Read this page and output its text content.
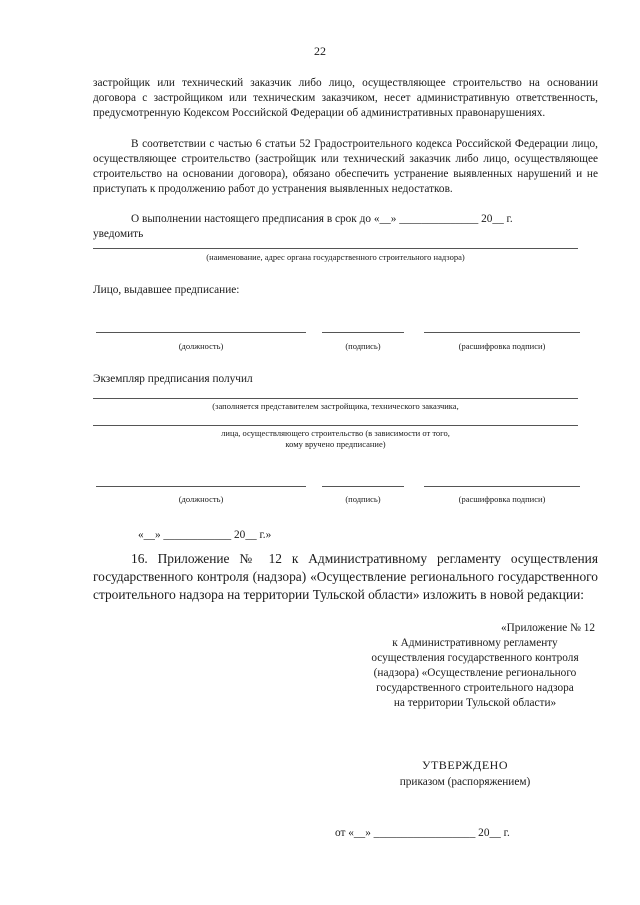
22
застройщик или технический заказчик либо лицо, осуществляющее строительство на основании договора с застройщиком или техническим заказчиком, несет административную ответственность, предусмотренную Кодексом Российской Федерации об административных правонарушениях.
В соответствии с частью 6 статьи 52 Градостроительного кодекса Российской Федерации лицо, осуществляющее строительство (застройщик или технический заказчик либо лицо, осуществляющее строительство на основании договора), обязано обеспечить устранение выявленных нарушений и не приступать к продолжению работ до устранения выявленных недостатков.
О выполнении настоящего предписания в срок до «__» ______________ 20__ г.
уведомить
(наименование, адрес органа государственного строительного надзора)
Лицо, выдавшее предписание:
(должность)	(подпись)	(расшифровка подписи)
Экземпляр предписания получил
(заполняется представителем застройщика, технического заказчика,
лица, осуществляющего строительство (в зависимости от того,
кому вручено предписание)
(должность)	(подпись)	(расшифровка подписи)
«__» ____________ 20__ г.»
16. Приложение № 12 к Административному регламенту осуществления государственного контроля (надзора) «Осуществление регионального государственного строительного надзора на территории Тульской области» изложить в новой редакции:
«Приложение № 12
к Административному регламенту
осуществления государственного контроля
(надзора) «Осуществление регионального
государственного строительного надзора
на территории Тульской области»
УТВЕРЖДЕНО
приказом (распоряжением)
от «__» __________________ 20__ г.
